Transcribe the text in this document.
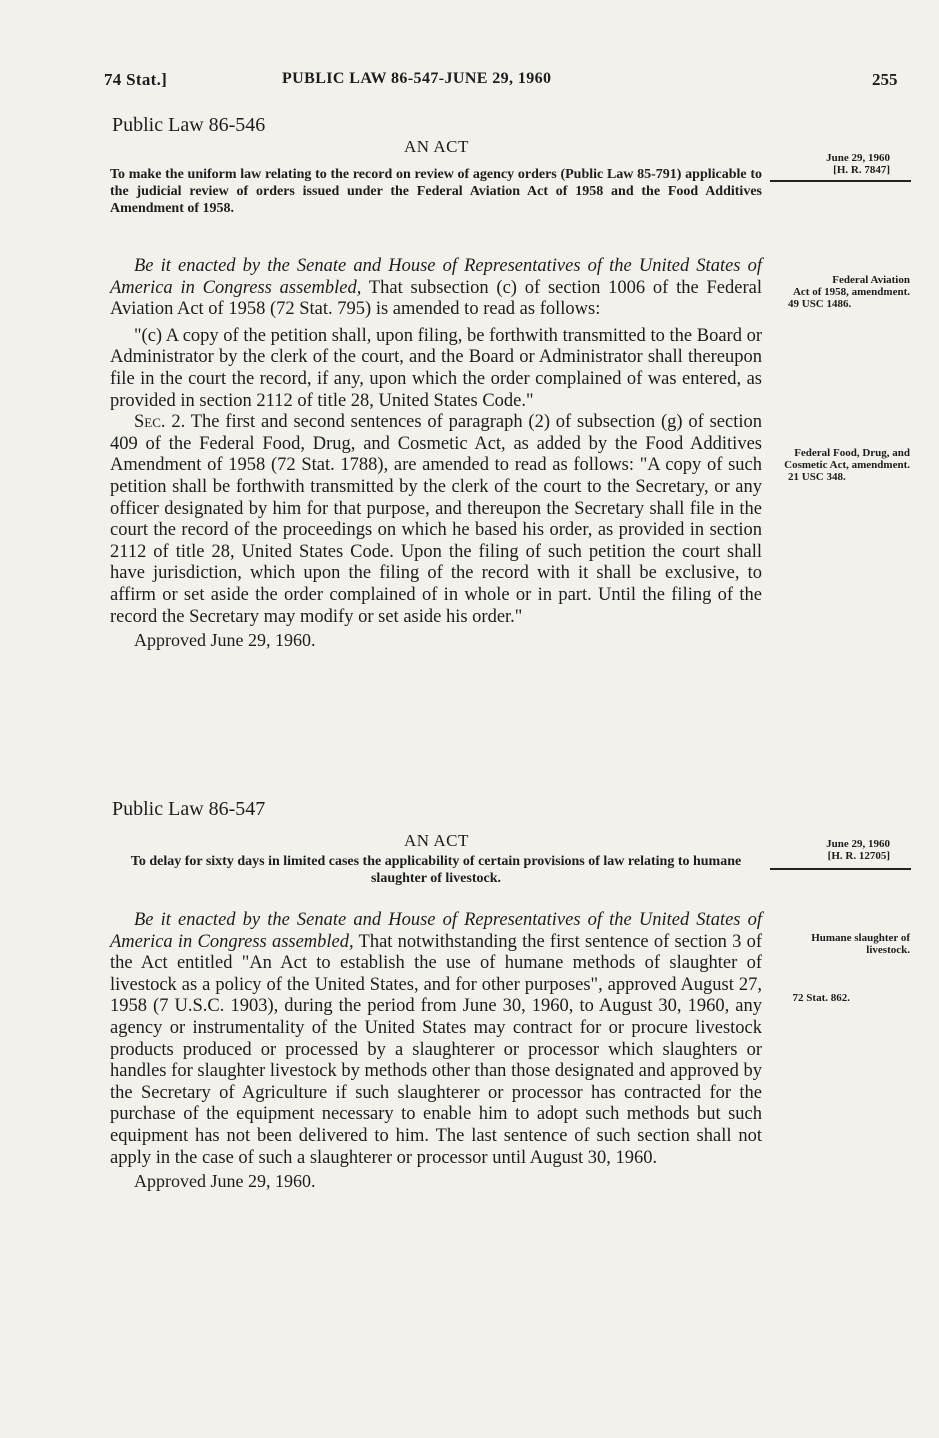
74 Stat.]	PUBLIC LAW 86-547-JUNE 29, 1960	255
Public Law 86-546
AN ACT
To make the uniform law relating to the record on review of agency orders (Public Law 85-791) applicable to the judicial review of orders issued under the Federal Aviation Act of 1958 and the Food Additives Amendment of 1958.
June 29, 1960
[H. R. 7847]

Be it enacted by the Senate and House of Representatives of the United States of America in Congress assembled, That subsection (c) of section 1006 of the Federal Aviation Act of 1958 (72 Stat. 795) is amended to read as follows:

"(c) A copy of the petition shall, upon filing, be forthwith transmitted to the Board or Administrator by the clerk of the court, and the Board or Administrator shall thereupon file in the court the record, if any, upon which the order complained of was entered, as provided in section 2112 of title 28, United States Code."

Sec. 2. The first and second sentences of paragraph (2) of subsection (g) of section 409 of the Federal Food, Drug, and Cosmetic Act, as added by the Food Additives Amendment of 1958 (72 Stat. 1788), are amended to read as follows: "A copy of such petition shall be forthwith transmitted by the clerk of the court to the Secretary, or any officer designated by him for that purpose, and thereupon the Secretary shall file in the court the record of the proceedings on which he based his order, as provided in section 2112 of title 28, United States Code. Upon the filing of such petition the court shall have jurisdiction, which upon the filing of the record with it shall be exclusive, to affirm or set aside the order complained of in whole or in part. Until the filing of the record the Secretary may modify or set aside his order."

Approved June 29, 1960.

Federal Aviation
Act of 1958, amendment.
49 USC 1486.
Federal Food, Drug, and Cosmetic Act, amendment.
21 USC 348.
Public Law 86-547
AN ACT
To delay for sixty days in limited cases the applicability of certain provisions of law relating to humane slaughter of livestock.
June 29, 1960
[H. R. 12705]

Be it enacted by the Senate and House of Representatives of the United States of America in Congress assembled, That notwithstanding the first sentence of section 3 of the Act entitled "An Act to establish the use of humane methods of slaughter of livestock as a policy of the United States, and for other purposes", approved August 27, 1958 (7 U.S.C. 1903), during the period from June 30, 1960, to August 30, 1960, any agency or instrumentality of the United States may contract for or procure livestock products produced or processed by a slaughterer or processor which slaughters or handles for slaughter livestock by methods other than those designated and approved by the Secretary of Agriculture if such slaughterer or processor has contracted for the purchase of the equipment necessary to enable him to adopt such methods but such equipment has not been delivered to him. The last sentence of such section shall not apply in the case of such a slaughterer or processor until August 30, 1960.

Approved June 29, 1960.

Humane slaughter of livestock.
72 Stat. 862.
